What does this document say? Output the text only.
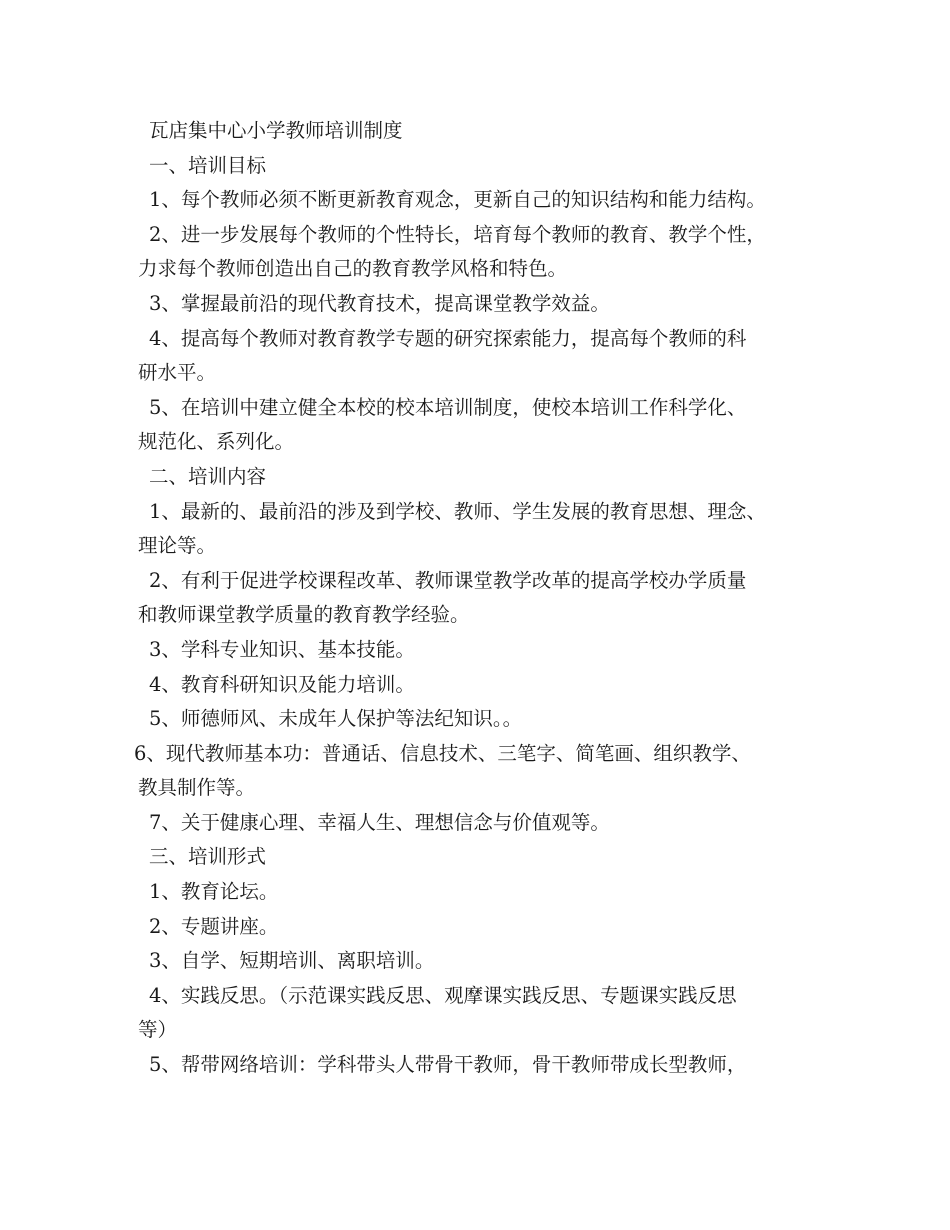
瓦店集中心小学教师培训制度
一、培训目标
1、每个教师必须不断更新教育观念，更新自己的知识结构和能力结构。
2、进一步发展每个教师的个性特长，培育每个教师的教育、教学个性，
力求每个教师创造出自己的教育教学风格和特色。
3、掌握最前沿的现代教育技术，提高课堂教学效益。
4、提高每个教师对教育教学专题的研究探索能力，提高每个教师的科
研水平。
5、在培训中建立健全本校的校本培训制度，使校本培训工作科学化、
规范化、系列化。
二、培训内容
1、最新的、最前沿的涉及到学校、教师、学生发展的教育思想、理念、
理论等。
2、有利于促进学校课程改革、教师课堂教学改革的提高学校办学质量
和教师课堂教学质量的教育教学经验。
3、学科专业知识、基本技能。
4、教育科研知识及能力培训。
5、师德师风、未成年人保护等法纪知识。。
6、现代教师基本功：普通话、信息技术、三笔字、简笔画、组织教学、
教具制作等。
7、关于健康心理、幸福人生、理想信念与价值观等。
三、培训形式
1、教育论坛。
2、专题讲座。
3、自学、短期培训、离职培训。
4、实践反思。（示范课实践反思、观摩课实践反思、专题课实践反思
等）
5、帮带网络培训：学科带头人带骨干教师，骨干教师带成长型教师，
